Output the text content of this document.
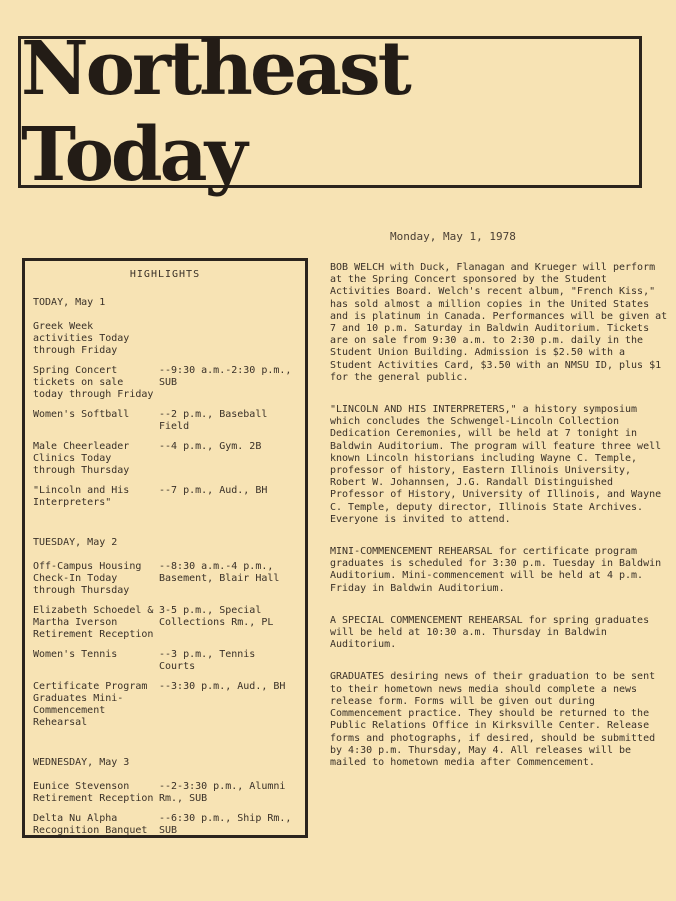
Northeast Today
Monday, May 1, 1978
HIGHLIGHTS
TODAY, May 1
Greek Week activities Today through Friday
Spring Concert tickets on sale today through Friday
--9:30 a.m.-2:30 p.m., SUB
Women's Softball	--2 p.m., Baseball Field
Male Cheerleader Clinics Today through Thursday
--4 p.m., Gym. 2B
"Lincoln and His Interpreters"
--7 p.m., Aud., BH
TUESDAY, May 2
Off-Campus Housing Check-In Today through Thursday
--8:30 a.m.-4 p.m., Basement, Blair Hall
Elizabeth Schoedel & Martha Iverson Retirement Reception
3-5 p.m., Special Collections Rm., PL
Women's Tennis	--3 p.m., Tennis Courts
Certificate Program Graduates Mini-Commencement Rehearsal
--3:30 p.m., Aud., BH
WEDNESDAY, May 3
Eunice Stevenson Retirement Reception
--2-3:30 p.m., Alumni Rm., SUB
Delta Nu Alpha Recognition Banquet
--6:30 p.m., Ship Rm., SUB

BOB WELCH with Duck, Flanagan and Krueger will perform at the Spring Concert sponsored by the Student Activities Board. Welch's recent album, "French Kiss," has sold almost a million copies in the United States and is platinum in Canada. Performances will be given at 7 and 10 p.m. Saturday in Baldwin Auditorium. Tickets are on sale from 9:30 a.m. to 2:30 p.m. daily in the Student Union Building. Admission is $2.50 with a Student Activities Card, $3.50 with an NMSU ID, plus $1 for the general public.

"LINCOLN AND HIS INTERPRETERS," a history symposium which concludes the Schwengel-Lincoln Collection Dedication Ceremonies, will be held at 7 tonight in Baldwin Auditorium. The program will feature three well known Lincoln historians including Wayne C. Temple, professor of history, Eastern Illinois University, Robert W. Johannsen, J.G. Randall Distinguished Professor of History, University of Illinois, and Wayne C. Temple, deputy director, Illinois State Archives. Everyone is invited to attend.

MINI-COMMENCEMENT REHEARSAL for certificate program graduates is scheduled for 3:30 p.m. Tuesday in Baldwin Auditorium. Mini-commencement will be held at 4 p.m. Friday in Baldwin Auditorium.

A SPECIAL COMMENCEMENT REHEARSAL for spring graduates will be held at 10:30 a.m. Thursday in Baldwin Auditorium.

GRADUATES desiring news of their graduation to be sent to their hometown news media should complete a news release form. Forms will be given out during Commencement practice. They should be returned to the Public Relations Office in Kirksville Center. Release forms and photographs, if desired, should be submitted by 4:30 p.m. Thursday, May 4. All releases will be mailed to hometown media after Commencement.
